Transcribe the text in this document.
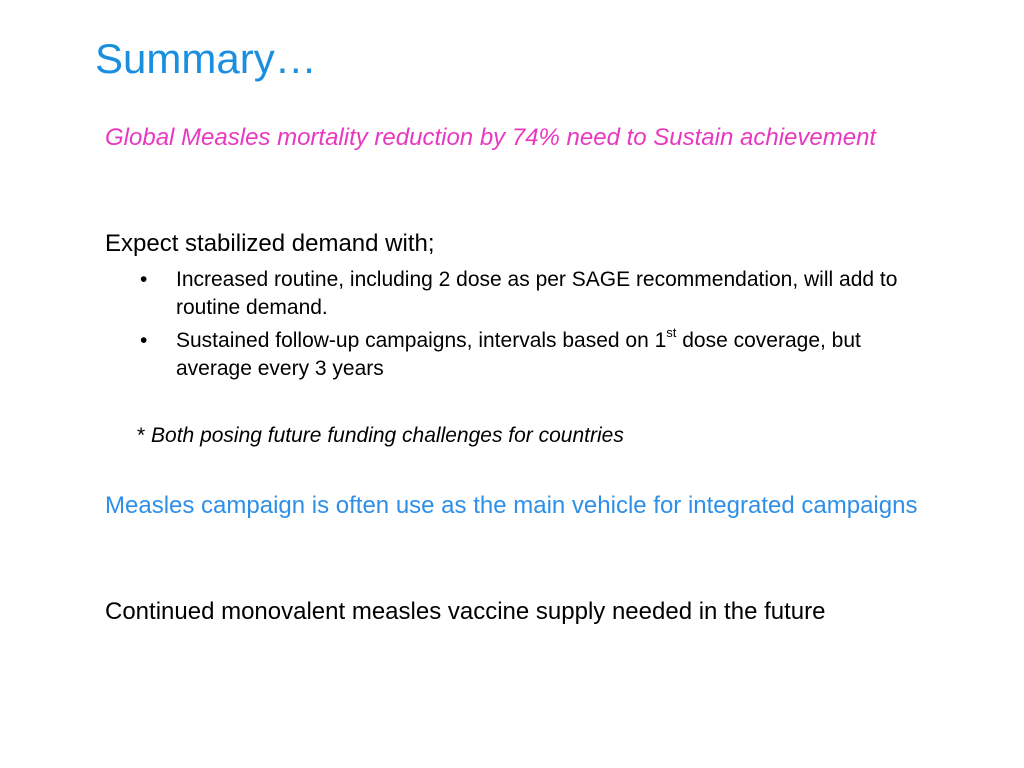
Summary…
Global Measles mortality reduction by 74% need to Sustain achievement
Expect stabilized demand with;
•	Increased routine, including 2 dose as per SAGE recommendation, will add to routine demand.
•	Sustained follow-up campaigns, intervals based on 1st dose coverage, but average every 3 years
* Both posing future funding challenges for countries
Measles campaign is often use as the main vehicle for integrated campaigns
Continued monovalent measles vaccine supply needed in the future
